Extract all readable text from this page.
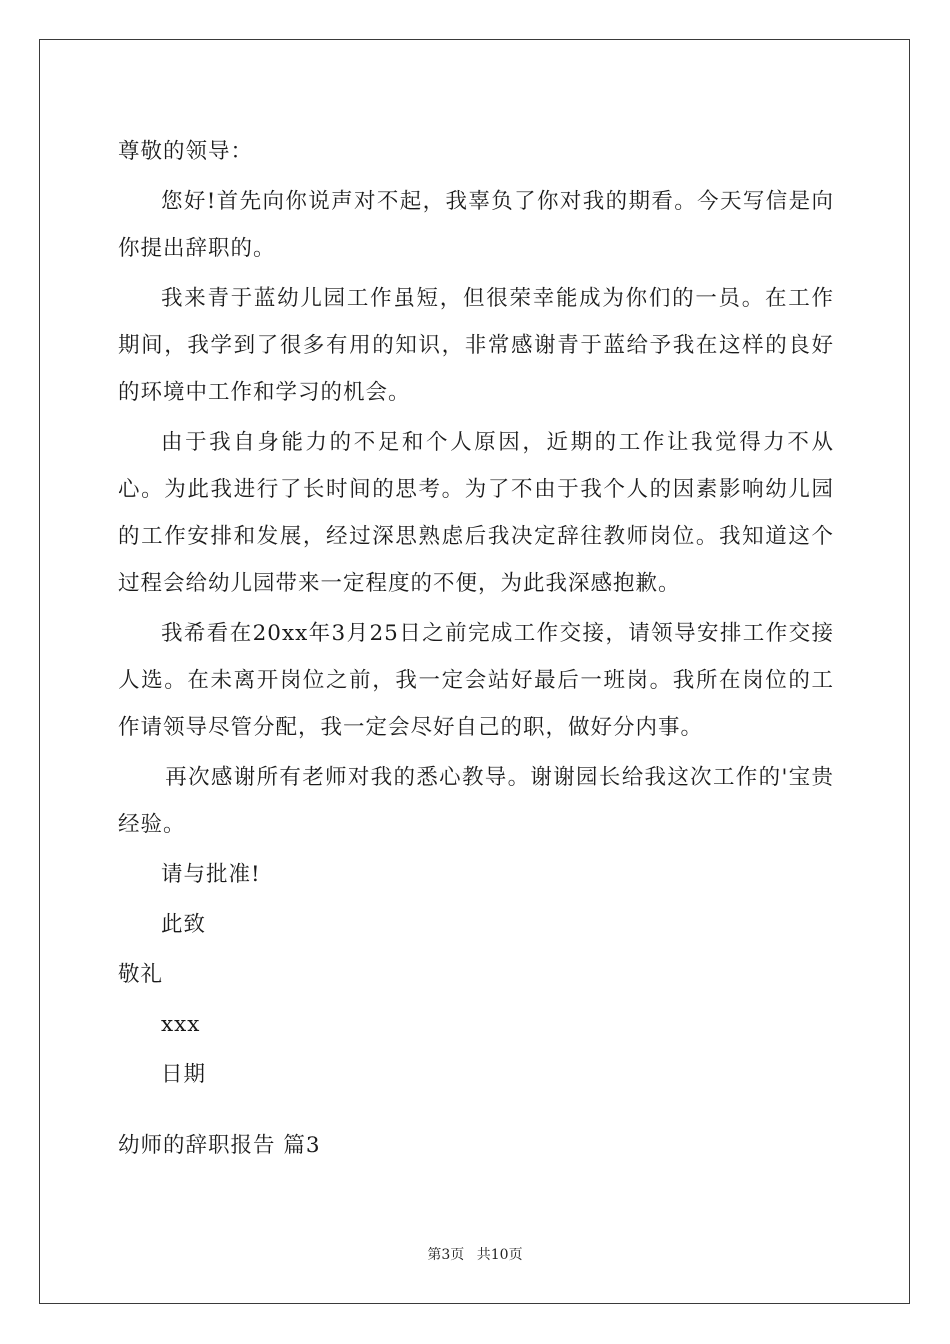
尊敬的领导：

您好!首先向你说声对不起，我辜负了你对我的期看。今天写信是向你提出辞职的。

我来青于蓝幼儿园工作虽短，但很荣幸能成为你们的一员。在工作期间，我学到了很多有用的知识，非常感谢青于蓝给予我在这样的良好的环境中工作和学习的机会。

由于我自身能力的不足和个人原因，近期的工作让我觉得力不从心。为此我进行了长时间的思考。为了不由于我个人的因素影响幼儿园的工作安排和发展，经过深思熟虑后我决定辞往教师岗位。我知道这个过程会给幼儿园带来一定程度的不便，为此我深感抱歉。

我希看在20xx年3月25日之前完成工作交接，请领导安排工作交接人选。在未离开岗位之前，我一定会站好最后一班岗。我所在岗位的工作请领导尽管分配，我一定会尽好自己的职，做好分内事。

再次感谢所有老师对我的悉心教导。谢谢园长给我这次工作的'宝贵经验。

请与批准!

此致

敬礼

xxx

日期

幼师的辞职报告 篇3
第3页 共10页
